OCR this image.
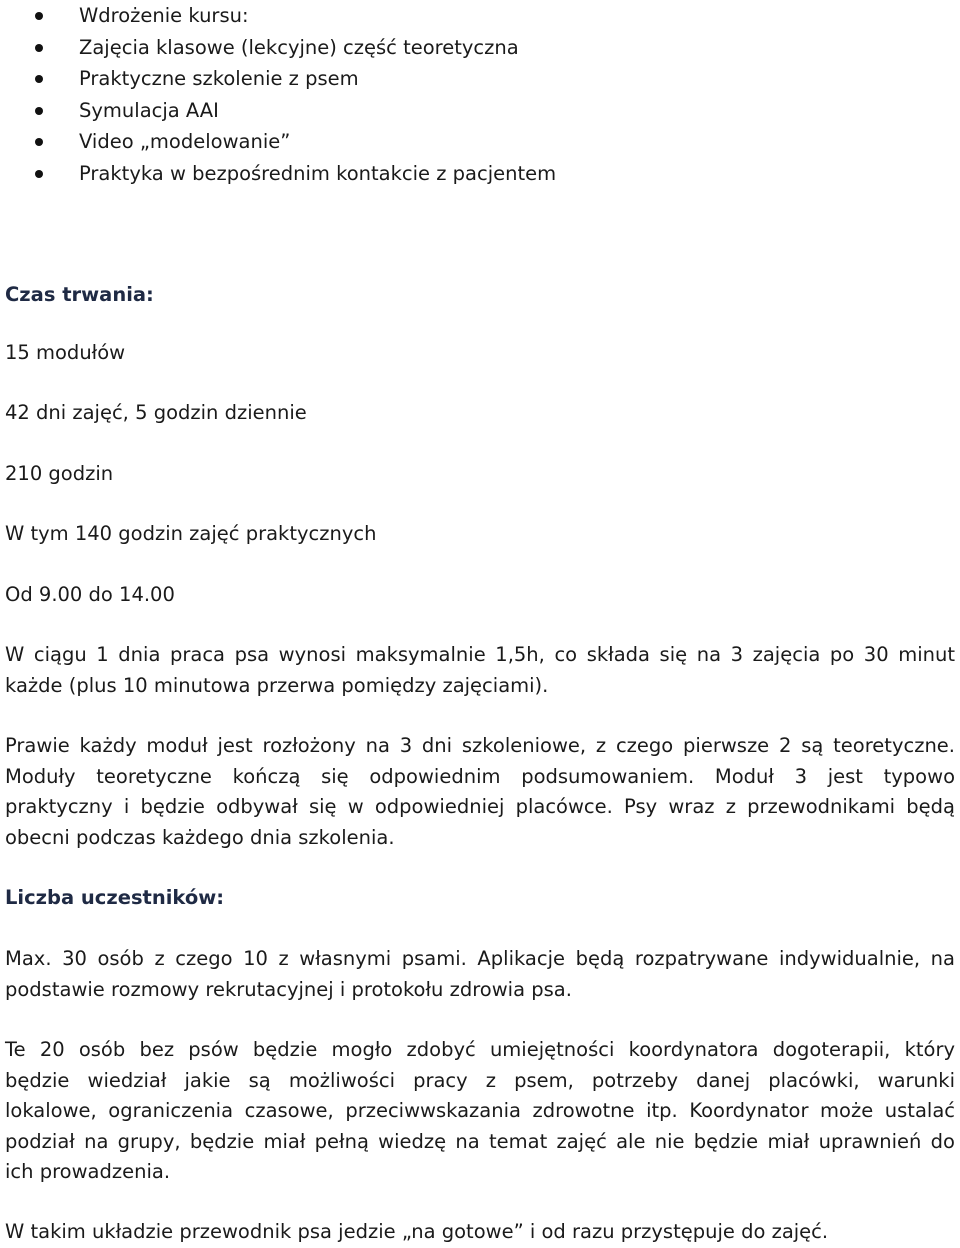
Wdrożenie kursu:
Zajęcia klasowe (lekcyjne) część teoretyczna
Praktyczne szkolenie z psem
Symulacja AAI
Video „modelowanie”
Praktyka w bezpośrednim kontakcie z pacjentem
Czas trwania:
15 modułów
42 dni zajęć, 5 godzin dziennie
210 godzin
W tym 140 godzin zajęć praktycznych
Od 9.00 do 14.00
W ciągu 1 dnia praca psa wynosi maksymalnie 1,5h, co składa się na 3 zajęcia po 30 minut
każde (plus 10 minutowa przerwa pomiędzy zajęciami).
Prawie każdy moduł jest rozłożony na 3 dni szkoleniowe, z czego pierwsze 2 są teoretyczne.
Moduły teoretyczne kończą się odpowiednim podsumowaniem. Moduł 3 jest typowo
praktyczny i będzie odbywał się w odpowiedniej placówce. Psy wraz z przewodnikami będą
obecni podczas każdego dnia szkolenia.
Liczba uczestników:
Max. 30 osób z czego 10 z własnymi psami. Aplikacje będą rozpatrywane indywidualnie, na
podstawie rozmowy rekrutacyjnej i protokołu zdrowia psa.
Te 20 osób bez psów będzie mogło zdobyć umiejętności koordynatora dogoterapii, który
będzie wiedział jakie są możliwości pracy z psem, potrzeby danej placówki, warunki
lokalowe, ograniczenia czasowe, przeciwwskazania zdrowotne itp. Koordynator może ustalać
podział na grupy, będzie miał pełną wiedzę na temat zajęć ale nie będzie miał uprawnień do
ich prowadzenia.
W takim układzie przewodnik psa jedzie „na gotowe” i od razu przystępuje do zajęć.
